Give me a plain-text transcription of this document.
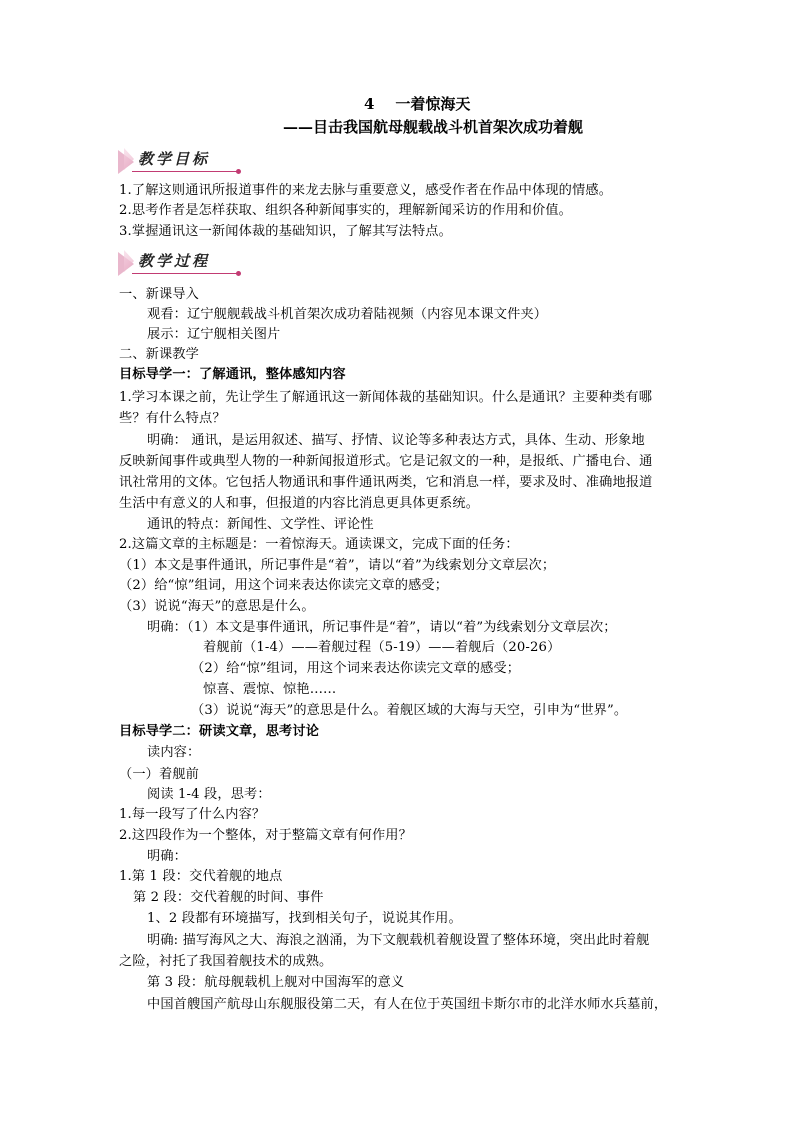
4 一着惊海天
——目击我国航母舰载战斗机首架次成功着舰
教学目标
1.了解这则通讯所报道事件的来龙去脉与重要意义，感受作者在作品中体现的情感。
2.思考作者是怎样获取、组织各种新闻事实的，理解新闻采访的作用和价值。
3.掌握通讯这一新闻体裁的基础知识，了解其写法特点。
教学过程
一、新课导入
观看：辽宁舰舰载战斗机首架次成功着陆视频（内容见本课文件夹）
展示：辽宁舰相关图片
二、新课教学
目标导学一：了解通讯，整体感知内容
1.学习本课之前，先让学生了解通讯这一新闻体裁的基础知识。什么是通讯？主要种类有哪
些？有什么特点？
明确： 通讯，是运用叙述、描写、抒情、议论等多种表达方式，具体、生动、形象地
反映新闻事件或典型人物的一种新闻报道形式。它是记叙文的一种，是报纸、广播电台、通
讯社常用的文体。它包括人物通讯和事件通讯两类，它和消息一样，要求及时、准确地报道
生活中有意义的人和事，但报道的内容比消息更具体更系统。
通讯的特点：新闻性、文学性、评论性
2.这篇文章的主标题是：一着惊海天。通读课文，完成下面的任务：
（1）本文是事件通讯，所记事件是“着”，请以“着”为线索划分文章层次；
（2）给“惊”组词，用这个词来表达你读完文章的感受；
（3）说说“海天”的意思是什么。
明确：（1）本文是事件通讯，所记事件是“着”，请以“着”为线索划分文章层次；
着舰前（1-4）——着舰过程（5-19）——着舰后（20-26）
（2）给“惊”组词，用这个词来表达你读完文章的感受；
惊喜、震惊、惊艳……
（3）说说“海天”的意思是什么。着舰区域的大海与天空，引申为“世界”。
目标导学二：研读文章，思考讨论
读内容：
（一）着舰前
阅读 1-4 段，思考：
1.每一段写了什么内容？
2.这四段作为一个整体，对于整篇文章有何作用？
明确：
1.第 1 段：交代着舰的地点
第 2 段：交代着舰的时间、事件
1、2 段都有环境描写，找到相关句子，说说其作用。
明确: 描写海风之大、海浪之汹涌，为下文舰载机着舰设置了整体环境，突出此时着舰
之险，衬托了我国着舰技术的成熟。
第 3 段：航母舰载机上舰对中国海军的意义
中国首艘国产航母山东舰服役第二天，有人在位于英国纽卡斯尔市的北洋水师水兵墓前，
